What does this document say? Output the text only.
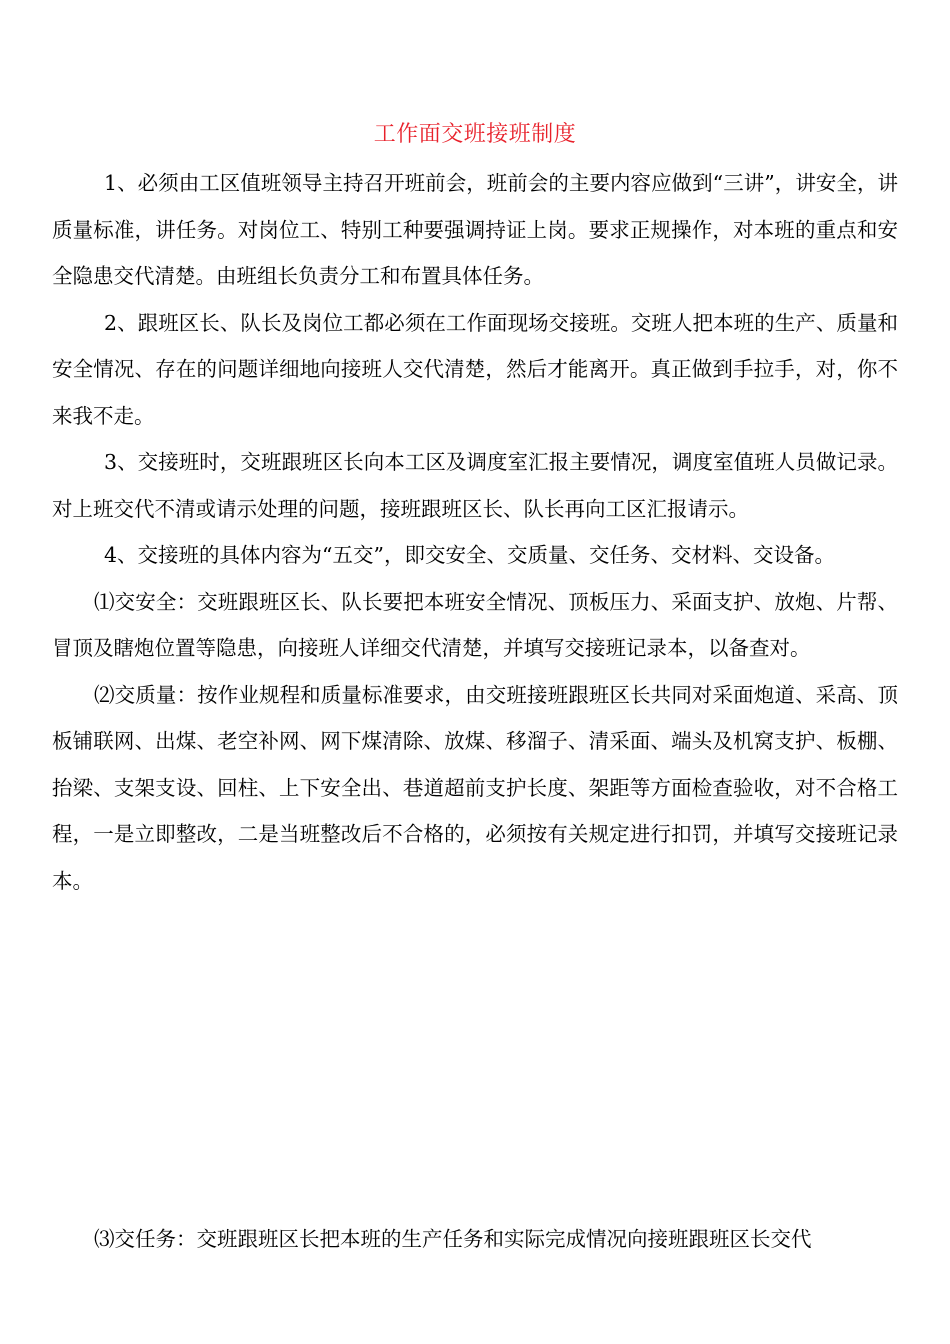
工作面交班接班制度

1、必须由工区值班领导主持召开班前会，班前会的主要内容应做到“三讲”，讲安全，讲质量标准，讲任务。对岗位工、特别工种要强调持证上岗。要求正规操作，对本班的重点和安全隐患交代清楚。由班组长负责分工和布置具体任务。

2、跟班区长、队长及岗位工都必须在工作面现场交接班。交班人把本班的生产、质量和安全情况、存在的问题详细地向接班人交代清楚，然后才能离开。真正做到手拉手，对，你不来我不走。

3、交接班时，交班跟班区长向本工区及调度室汇报主要情况，调度室值班人员做记录。对上班交代不清或请示处理的问题，接班跟班区长、队长再向工区汇报请示。

4、交接班的具体内容为“五交”，即交安全、交质量、交任务、交材料、交设备。

⑴交安全：交班跟班区长、队长要把本班安全情况、顶板压力、采面支护、放炮、片帮、冒顶及瞎炮位置等隐患，向接班人详细交代清楚，并填写交接班记录本，以备查对。

⑵交质量：按作业规程和质量标准要求，由交班接班跟班区长共同对采面炮道、采高、顶板铺联网、出煤、老空补网、网下煤清除、放煤、移溜子、清采面、端头及机窝支护、板棚、抬梁、支架支设、回柱、上下安全出、巷道超前支护长度、架距等方面检查验收，对不合格工程，一是立即整改，二是当班整改后不合格的，必须按有关规定进行扣罚，并填写交接班记录本。

⑶交任务：交班跟班区长把本班的生产任务和实际完成情况向接班跟班区长交代
